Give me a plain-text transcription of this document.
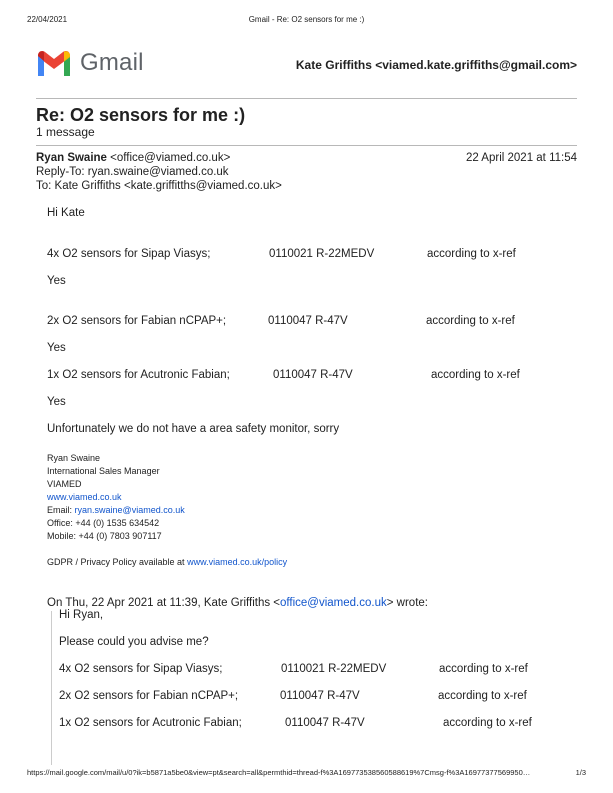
22/04/2021	Gmail - Re: O2 sensors for me :)
Gmail	Kate Griffiths <viamed.kate.griffiths@gmail.com>
Re: O2 sensors for me :)
1 message
Ryan Swaine <office@viamed.co.uk>	22 April 2021 at 11:54
Reply-To: ryan.swaine@viamed.co.uk
To: Kate Griffiths <kate.griffitths@viamed.co.uk>
Hi Kate
4x O2 sensors for Sipap Viasys;	0110021 R-22MEDV	according to x-ref
Yes
2x O2 sensors for Fabian nCPAP+;	0110047 R-47V	according to x-ref
Yes
1x O2 sensors for Acutronic Fabian;	0110047 R-47V	according to x-ref
Yes
Unfortunately we do not have a area safety monitor, sorry
Ryan Swaine
International Sales Manager
VIAMED
www.viamed.co.uk
Email: ryan.swaine@viamed.co.uk
Office: +44 (0) 1535 634542
Mobile: +44 (0) 7803 907117
GDPR / Privacy Policy available at www.viamed.co.uk/policy
On Thu, 22 Apr 2021 at 11:39, Kate Griffiths <office@viamed.co.uk> wrote:
Hi Ryan,
Please could you advise me?
4x O2 sensors for Sipap Viasys;	0110021 R-22MEDV	according to x-ref
2x O2 sensors for Fabian nCPAP+;	0110047 R-47V	according to x-ref
1x O2 sensors for Acutronic Fabian;	0110047 R-47V	according to x-ref
https://mail.google.com/mail/u/0?ik=b5871a5be0&view=pt&search=all&permthid=thread-f%3A1697735385605886​19%7Cmsg-f%3A16977377569950…	1/3
